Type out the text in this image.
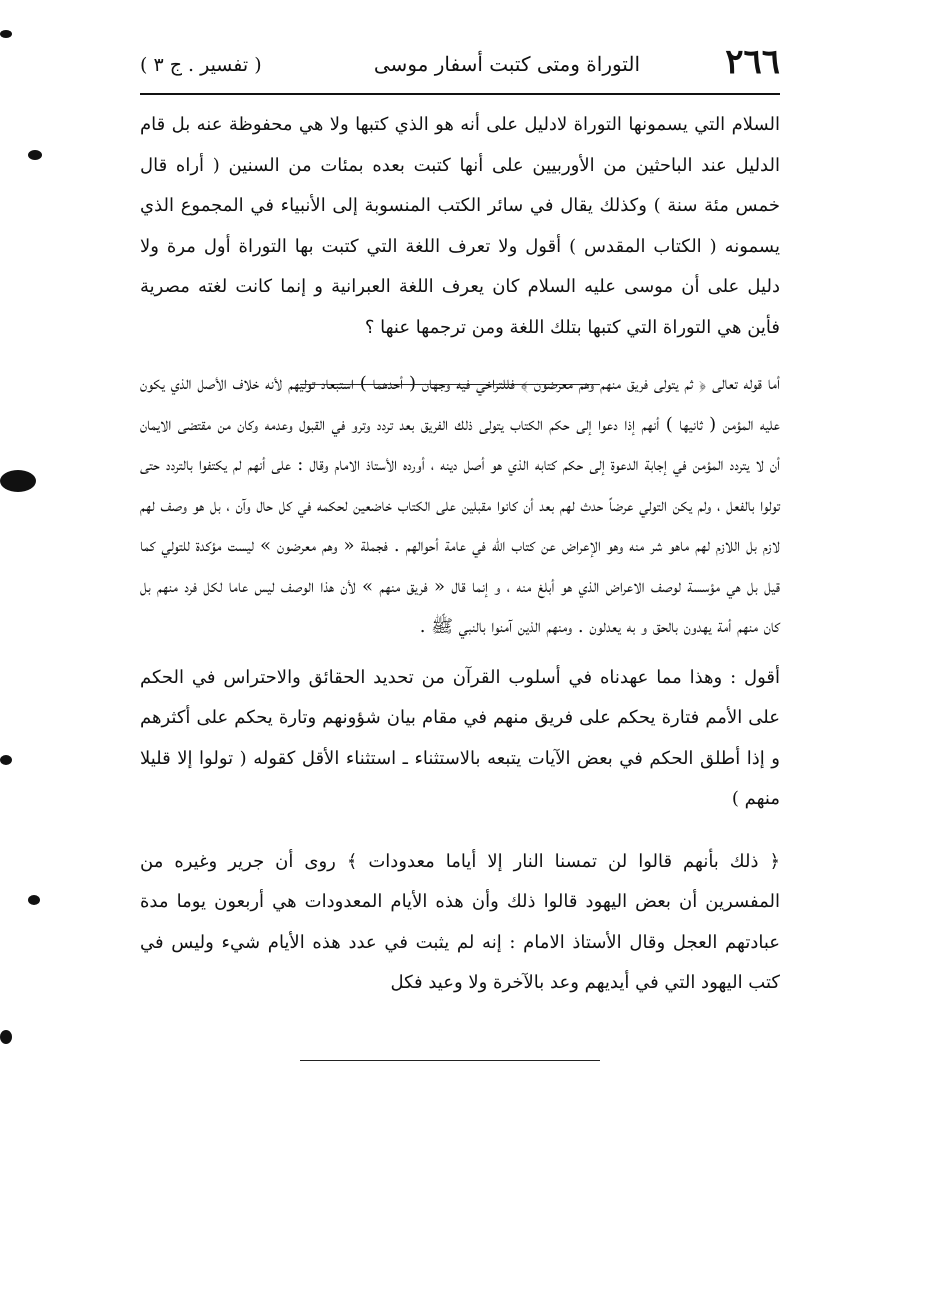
٢٦٦
التوراة ومتى كتبت أسفار موسى
( تفسير . ج ٣ )

السلام التي يسمونها التوراة لادليل على أنه هو الذي كتبها ولا هي محفوظة عنه بل قام الدليل عند الباحثين من الأوربيين على أنها كتبت بعده بمئات من السنين ( أراه قال خمس مئة سنة ) وكذلك يقال في سائر الكتب المنسوبة إلى الأنبياء في المجموع الذي يسمونه ( الكتاب المقدس ) أقول ولا تعرف اللغة التي كتبت بها التوراة أول مرة ولا دليل على أن موسى عليه السلام كان يعرف اللغة العبرانية و إنما كانت لغته مصرية فأين هي التوراة التي كتبها بتلك اللغة ومن ترجمها عنها ؟

أما قوله تعالى ﴿ ثم يتولى فريق منهم وهم معرضون ﴾ فللتراخي فيه وجهان ( أحدهما ) استبعاد توليهم لأنه خلاف الأصل الذي يكون عليه المؤمن ( ثانيها ) أنهم إذا دعوا إلى حكم الكتاب يتولى ذلك الفريق بعد تردد وترو في القبول وعدمه وكان من مقتضى الايمان أن لا يتردد المؤمن في إجابة الدعوة إلى حكم كتابه الذي هو أصل دينه ، أورده الأستاذ الامام وقال : على أنهم لم يكتفوا بالتردد حتى تولوا بالفعل ، ولم يكن التولي عرضاً حدث لهم بعد أن كانوا مقبلين على الكتاب خاضعين لحكمه في كل حال وآن ، بل هو وصف لهم لازم بل اللازم لهم ماهو شر منه وهو الإعراض عن كتاب الله في عامة أحوالهم . فجملة « وهم معرضون » ليست مؤكدة للتولي كما قيل بل هي مؤسسة لوصف الاعراض الذي هو أبلغ منه ، و إنما قال « فريق منهم » لأن هذا الوصف ليس عاما لكل فرد منهم بل كان منهم أمة يهدون بالحق و به يعدلون . ومنهم الذين آمنوا بالنبي ﷺ .

أقول : وهذا مما عهدناه في أسلوب القرآن من تحديد الحقائق والاحتراس في الحكم على الأمم فتارة يحكم على فريق منهم في مقام بيان شؤونهم وتارة يحكم على أكثرهم و إذا أطلق الحكم في بعض الآيات يتبعه بالاستثناء ـ استثناء الأقل كقوله ( تولوا إلا قليلا منهم )

﴿ ذلك بأنهم قالوا لن تمسنا النار إلا أياما معدودات ﴾ روى أن جرير وغيره من المفسرين أن بعض اليهود قالوا ذلك وأن هذه الأيام المعدودات هي أربعون يوما مدة عبادتهم العجل وقال الأستاذ الامام : إنه لم يثبت في عدد هذه الأيام شيء وليس في كتب اليهود التي في أيديهم وعد بالآخرة ولا وعيد فكل
